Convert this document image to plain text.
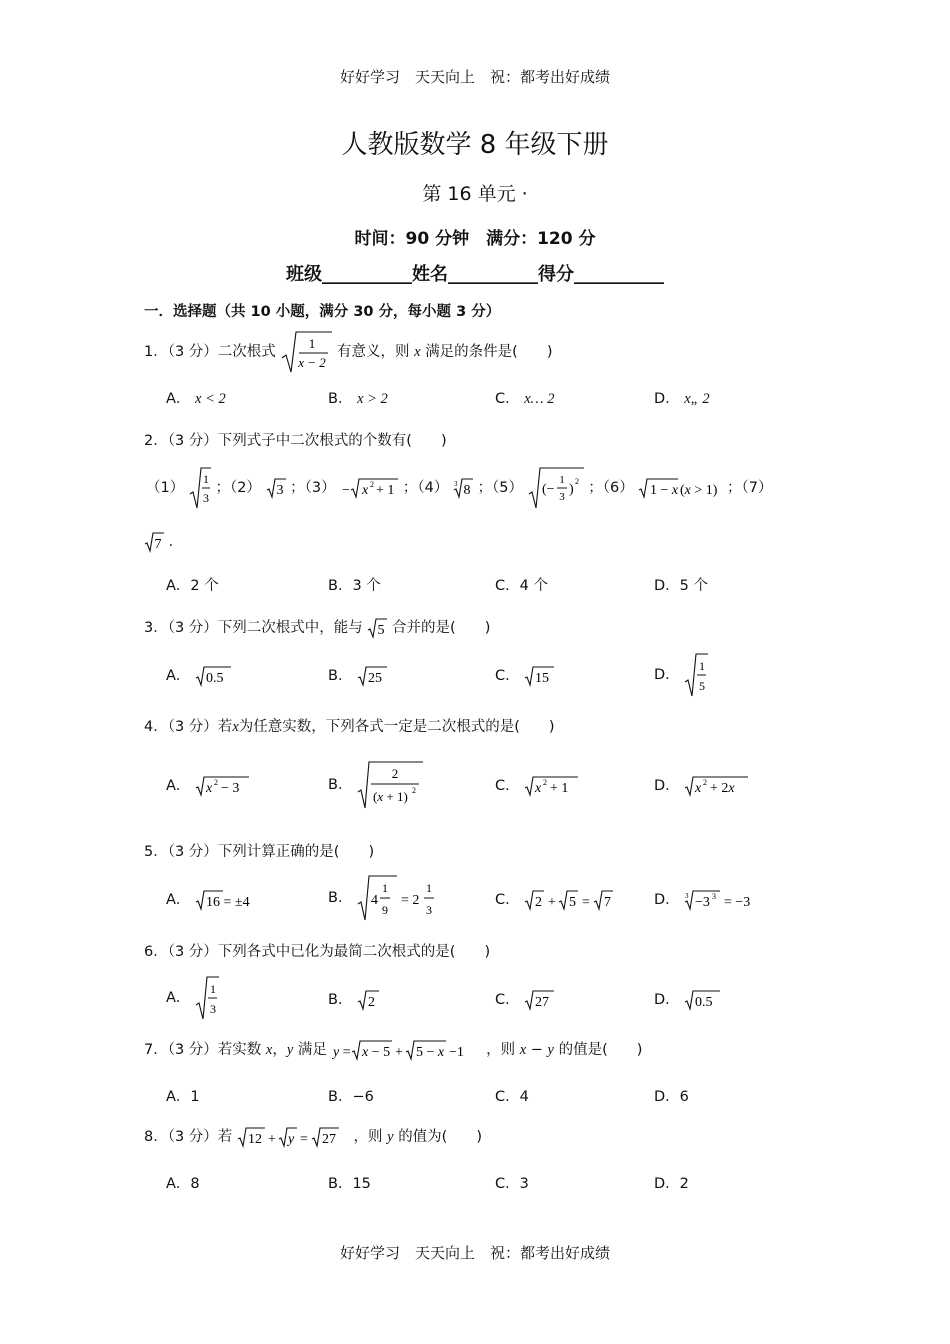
好好学习　天天向上　祝：都考出好成绩
人教版数学 8 年级下册
第 16 单元 ·
时间：90 分钟　满分：120 分
班级__________姓名__________得分__________
一．选择题（共 10 小题，满分 30 分，每小题 3 分）
1．（3 分）二次根式
1
x − 2
有意义，则 x 满足的条件是(　　)
A． x < 2	B． x > 2	C． x… 2	D． x„ 2
2．（3 分）下列式子中二次根式的个数有(　　)
（1）
1
3
；（2） 3 ；（3） − x 2 + 1 ；（4） 3 8 ；（5） (−
1
3 )
2 ；（6） 1 − x (x > 1) ；（7）
7 ．
A．2 个	B．3 个	C．4 个	D．5 个
3．（3 分）下列二次根式中，能与 5 合并的是(　　)
A． 0.5	B． 25	C． 15	D．
1
5
4．（3 分）若x为任意实数，下列各式一定是二次根式的是(　　)
A． x 2 − 3	B．
2
(x + 1) 2	C． x 2 + 1	D． x 2 + 2x
5．（3 分）下列计算正确的是(　　)
A． 16 = ±4	B． 4
1
9
= 2
1
3
C． 2 + 5 = 7	D． 3 −3 3 = −3
6．（3 分）下列各式中已化为最简二次根式的是(　　)
A．
1
3
B． 2	C． 27	D． 0.5
7．（3 分）若实数 x，y 满足 y = x − 5 + 5 − x −1 ，则 x − y 的值是(　　)
A．1	B．−6	C．4	D．6
8．（3 分）若 12 + y = 27 ，则 y 的值为(　　)
A．8	B．15	C．3	D．2
好好学习　天天向上　祝：都考出好成绩
